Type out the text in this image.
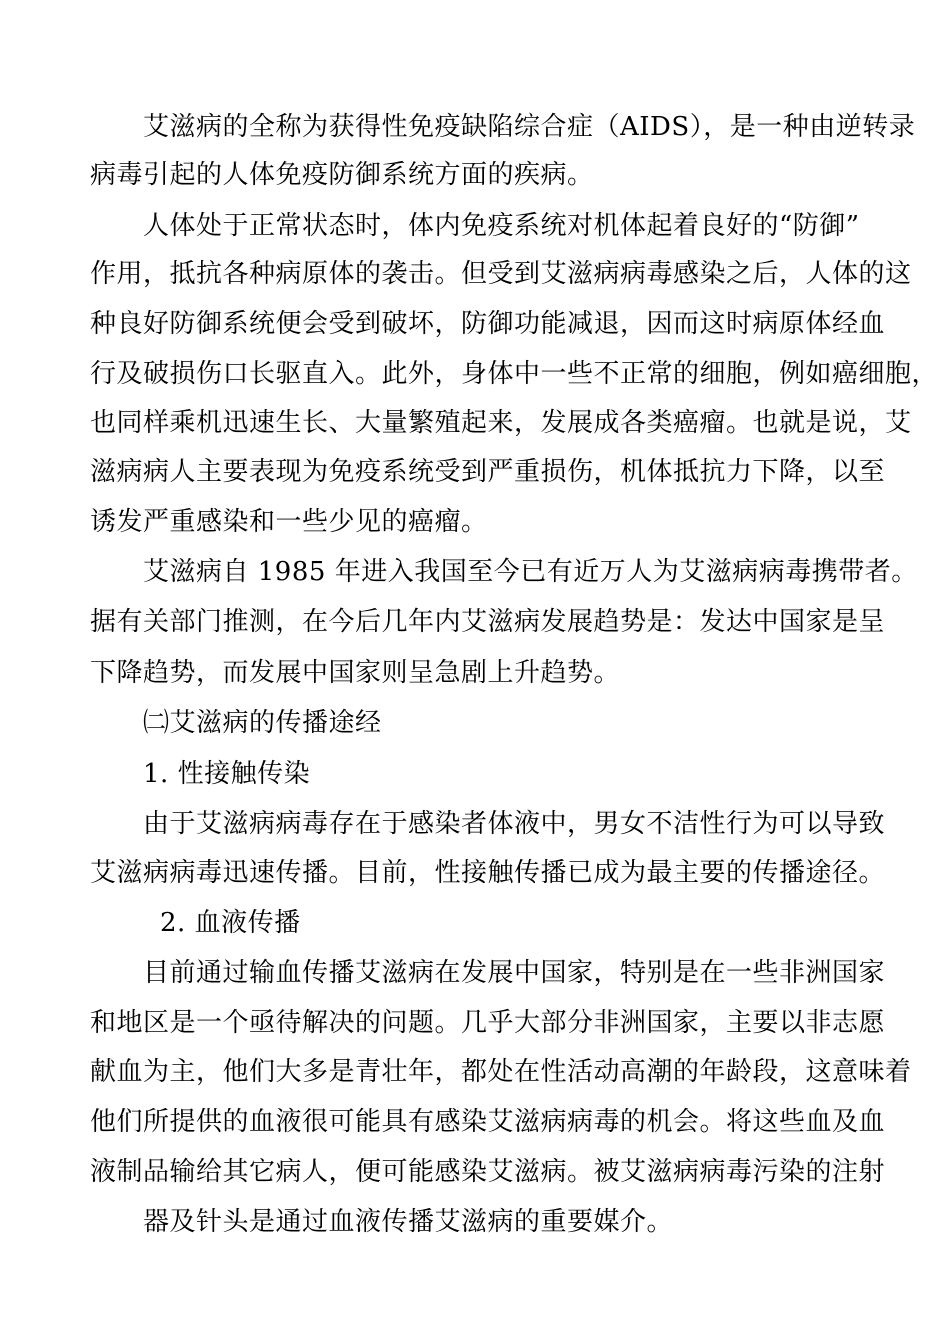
艾滋病的全称为获得性免疫缺陷综合症（AIDS），是一种由逆转录
病毒引起的人体免疫防御系统方面的疾病。
人体处于正常状态时，体内免疫系统对机体起着良好的“防御”
作用，抵抗各种病原体的袭击。但受到艾滋病病毒感染之后，人体的这
种良好防御系统便会受到破坏，防御功能减退，因而这时病原体经血
行及破损伤口长驱直入。此外，身体中一些不正常的细胞，例如癌细胞，
也同样乘机迅速生长、大量繁殖起来，发展成各类癌瘤。也就是说，艾
滋病病人主要表现为免疫系统受到严重损伤，机体抵抗力下降，以至
诱发严重感染和一些少见的癌瘤。
艾滋病自 1985 年进入我国至今已有近万人为艾滋病病毒携带者。
据有关部门推测，在今后几年内艾滋病发展趋势是：发达中国家是呈
下降趋势，而发展中国家则呈急剧上升趋势。
㈡艾滋病的传播途经
1. 性接触传染
由于艾滋病病毒存在于感染者体液中，男女不洁性行为可以导致
艾滋病病毒迅速传播。目前，性接触传播已成为最主要的传播途径。
2. 血液传播
目前通过输血传播艾滋病在发展中国家，特别是在一些非洲国家
和地区是一个亟待解决的问题。几乎大部分非洲国家，主要以非志愿
献血为主，他们大多是青壮年，都处在性活动高潮的年龄段，这意味着
他们所提供的血液很可能具有感染艾滋病病毒的机会。将这些血及血
液制品输给其它病人，便可能感染艾滋病。被艾滋病病毒污染的注射
器及针头是通过血液传播艾滋病的重要媒介。
